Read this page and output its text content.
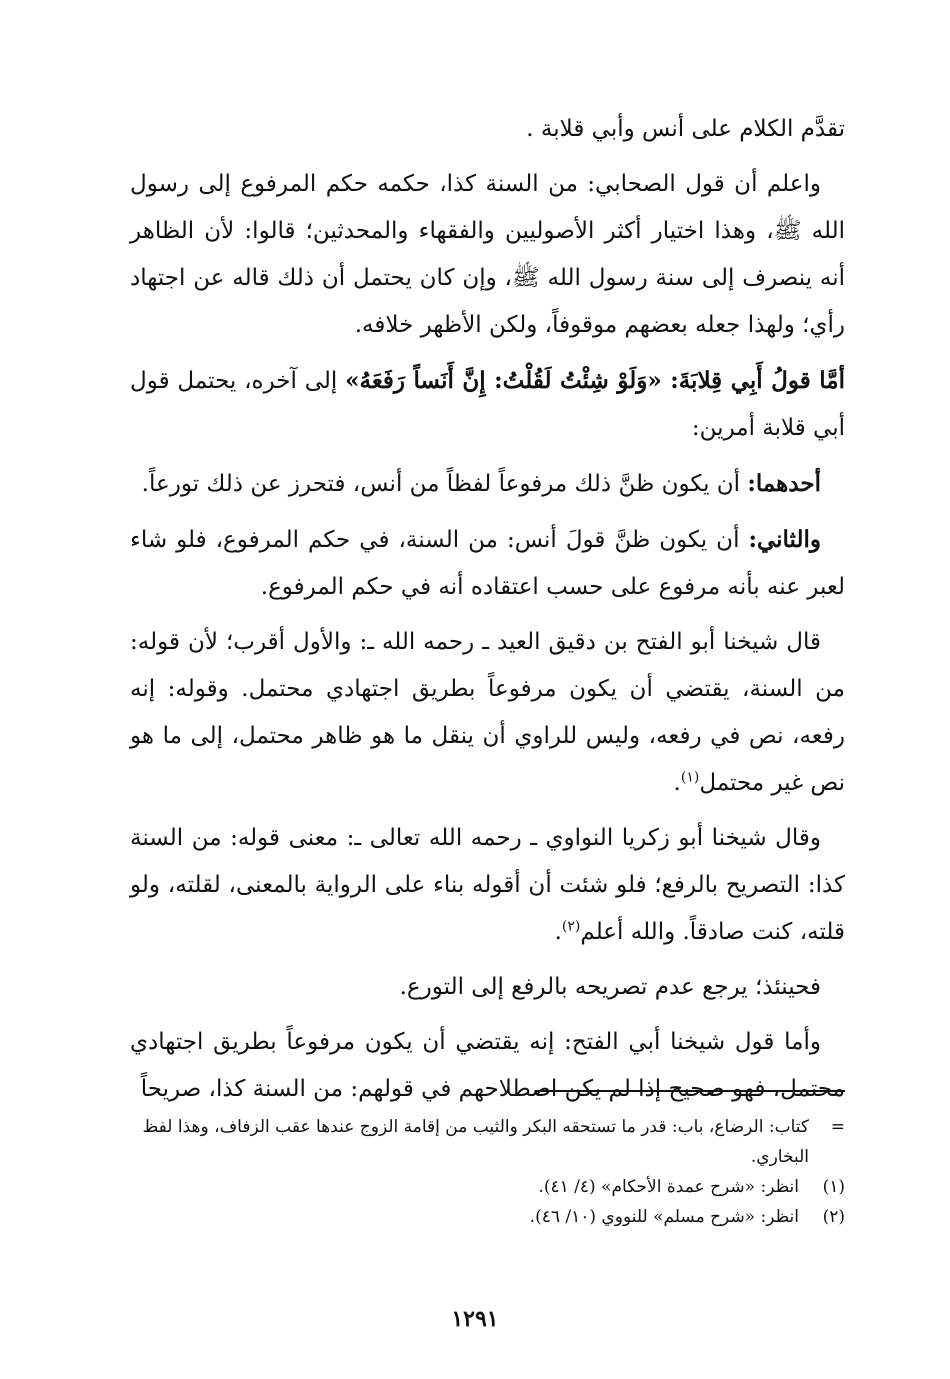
تقدَّم الكلام على أنس وأبي قلابة .

واعلم أن قول الصحابي: من السنة كذا، حكمه حكم المرفوع إلى رسول الله ﷺ، وهذا اختيار أكثر الأصوليين والفقهاء والمحدثين؛ قالوا: لأن الظاهر أنه ينصرف إلى سنة رسول الله ﷺ، وإن كان يحتمل أن ذلك قاله عن اجتهاد رأي؛ ولهذا جعله بعضهم موقوفاً، ولكن الأظهر خلافه.

أمَّا قولُ أَبِي قِلابَةَ: «وَلَوْ شِئْتُ لَقُلْتُ: إِنَّ أَنَساً رَفَعَهُ» إلى آخره، يحتمل قول أبي قلابة أمرين:

أحدهما: أن يكون ظنَّ ذلك مرفوعاً لفظاً من أنس، فتحرز عن ذلك تورعاً.

والثاني: أن يكون ظنَّ قولَ أنس: من السنة، في حكم المرفوع، فلو شاء لعبر عنه بأنه مرفوع على حسب اعتقاده أنه في حكم المرفوع.

قال شيخنا أبو الفتح بن دقيق العيد ـ رحمه الله ـ: والأول أقرب؛ لأن قوله: من السنة، يقتضي أن يكون مرفوعاً بطريق اجتهادي محتمل. وقوله: إنه رفعه، نص في رفعه، وليس للراوي أن ينقل ما هو ظاهر محتمل، إلى ما هو نص غير محتمل$^{(١)}$.

وقال شيخنا أبو زكريا النواوي ـ رحمه الله تعالى ـ: معنى قوله: من السنة كذا: التصريح بالرفع؛ فلو شئت أن أقوله بناء على الرواية بالمعنى، لقلته، ولو قلته، كنت صادقاً. والله أعلم$^{(٢)}$.

فحينئذ؛ يرجع عدم تصريحه بالرفع إلى التورع.

وأما قول شيخنا أبي الفتح: إنه يقتضي أن يكون مرفوعاً بطريق اجتهادي محتمل، فهو صحيح إذا لم يكن اصطلاحهم في قولهم: من السنة كذا، صريحاً

=
كتاب: الرضاع، باب: قدر ما تستحقه البكر والثيب من إقامة الزوج عندها عقب الزفاف، وهذا لفظ البخاري.
(١)
انظر: «شرح عمدة الأحكام» (٤/ ٤١).
(٢)
انظر: «شرح مسلم» للنووي (١٠/ ٤٦).
١٢٩١
